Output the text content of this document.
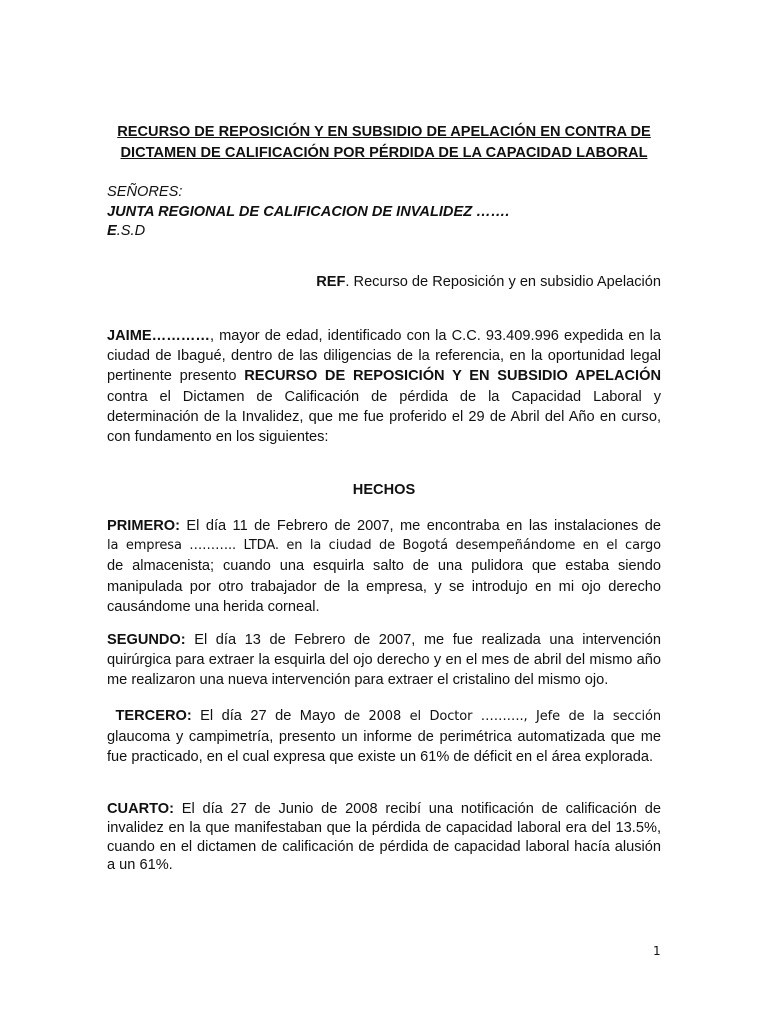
RECURSO DE REPOSICIÓN Y EN SUBSIDIO DE APELACIÓN EN CONTRA DE
DICTAMEN DE CALIFICACIÓN POR PÉRDIDA DE LA CAPACIDAD LABORAL
SEÑORES:
JUNTA REGIONAL DE CALIFICACION DE INVALIDEZ …….
E.S.D
REF. Recurso de Reposición y en subsidio Apelación
JAIME…………, mayor de edad, identificado con la C.C. 93.409.996 expedida en la ciudad de Ibagué, dentro de las diligencias de la referencia, en la oportunidad legal pertinente presento RECURSO DE REPOSICIÓN Y EN SUBSIDIO APELACIÓN contra el Dictamen de Calificación de pérdida de la Capacidad Laboral y determinación de la Invalidez, que me fue proferido el 29 de Abril del Año en curso, con fundamento en los siguientes:
HECHOS
PRIMERO: El día 11 de Febrero de 2007, me encontraba en las instalaciones de
la empresa ……….. LTDA. en la ciudad de Bogotá desempeñándome en el cargo
de almacenista; cuando una esquirla salto de una pulidora que estaba siendo manipulada por otro trabajador de la empresa, y se introdujo en mi ojo derecho causándome una herida corneal.
SEGUNDO: El día 13 de Febrero de 2007, me fue realizada una intervención quirúrgica para extraer la esquirla del ojo derecho y en el mes de abril del mismo año me realizaron una nueva intervención para extraer el cristalino del mismo ojo.
TERCERO: El día 27 de Mayo de 2008 el Doctor ………., Jefe de la sección
glaucoma y campimetría, presento un informe de perimétrica automatizada que me fue practicado, en el cual expresa que existe un 61% de déficit en el área explorada.
CUARTO: El día 27 de Junio de 2008 recibí una notificación de calificación de invalidez en la que manifestaban que la pérdida de capacidad laboral era del 13.5%, cuando en el dictamen de calificación de pérdida de capacidad laboral hacía alusión a un 61%.
1
